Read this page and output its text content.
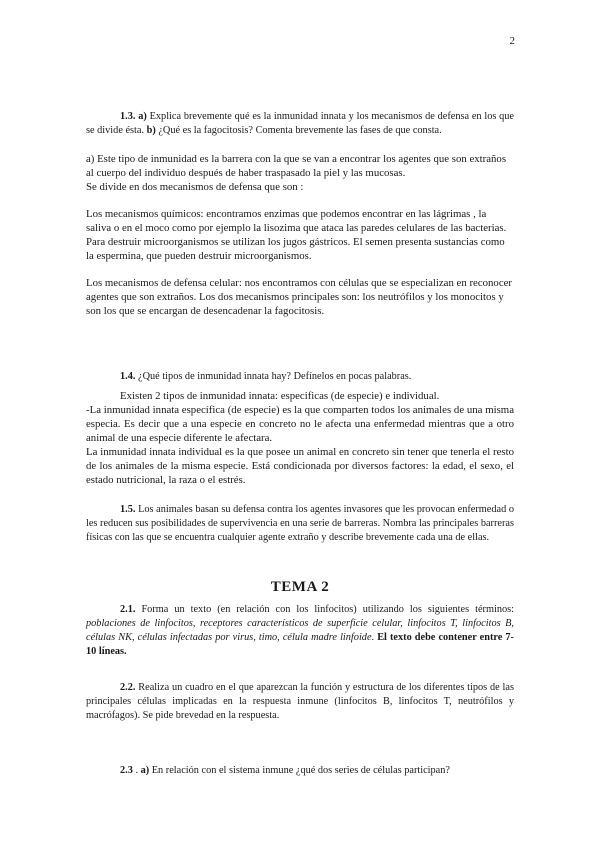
2
1.3. a) Explica brevemente qué es la inmunidad innata y los mecanismos de defensa en los que se divide ésta. b) ¿Qué es la fagocitosis? Comenta brevemente las fases de que consta.

a) Este tipo de inmunidad es la barrera con la que se van a encontrar los agentes que son extraños al cuerpo del individuo después de haber traspasado la piel y las mucosas.

Se divide en dos mecanismos de defensa que son :

Los mecanismos químicos: encontramos enzimas que podemos encontrar en las lágrimas , la saliva o en el moco como por ejemplo la lisozima que ataca las paredes celulares de las bacterias. Para destruir microorganismos se utilizan los jugos gástricos. El semen presenta sustancias como la espermina, que pueden destruir microorganismos.

Los mecanismos de defensa celular: nos encontramos con células que se especializan en reconocer agentes que son extraños. Los dos mecanismos principales son: los neutrófilos y los monocitos y son los que se encargan de desencadenar la fagocitosis.

1.4. ¿Qué tipos de inmunidad innata hay? Defínelos en pocas palabras.

Existen 2 tipos de inmunidad innata: especificas (de especie) e individual.

-La inmunidad innata específica (de especie) es la que comparten todos los animales de una misma especia. Es decir que a una especie en concreto no le afecta una enfermedad mientras que a otro animal de una especie diferente le afectara.

La inmunidad innata individual es la que posee un animal en concreto sin tener que tenerla el resto de los animales de la misma especie. Está condicionada por diversos factores: la edad, el sexo, el estado nutricional, la raza o el estrés.

1.5. Los animales basan su defensa contra los agentes invasores que les provocan enfermedad o les reducen sus posibilidades de supervivencia en una serie de barreras. Nombra las principales barreras físicas con las que se encuentra cualquier agente extraño y describe brevemente cada una de ellas.
TEMA 2
2.1. Forma un texto (en relación con los linfocitos) utilizando los siguientes términos: poblaciones de linfocitos, receptores característicos de superficie celular, linfocitos T, linfocitos B, células NK, células infectadas por virus, timo, célula madre linfoide. El texto debe contener entre 7-10 líneas.
2.2. Realiza un cuadro en el que aparezcan la función y estructura de los diferentes tipos de las principales células implicadas en la respuesta inmune (linfocitos B, linfocitos T, neutrófilos y macrófagos). Se pide brevedad en la respuesta.
2.3 . a) En relación con el sistema inmune ¿qué dos series de células participan?
